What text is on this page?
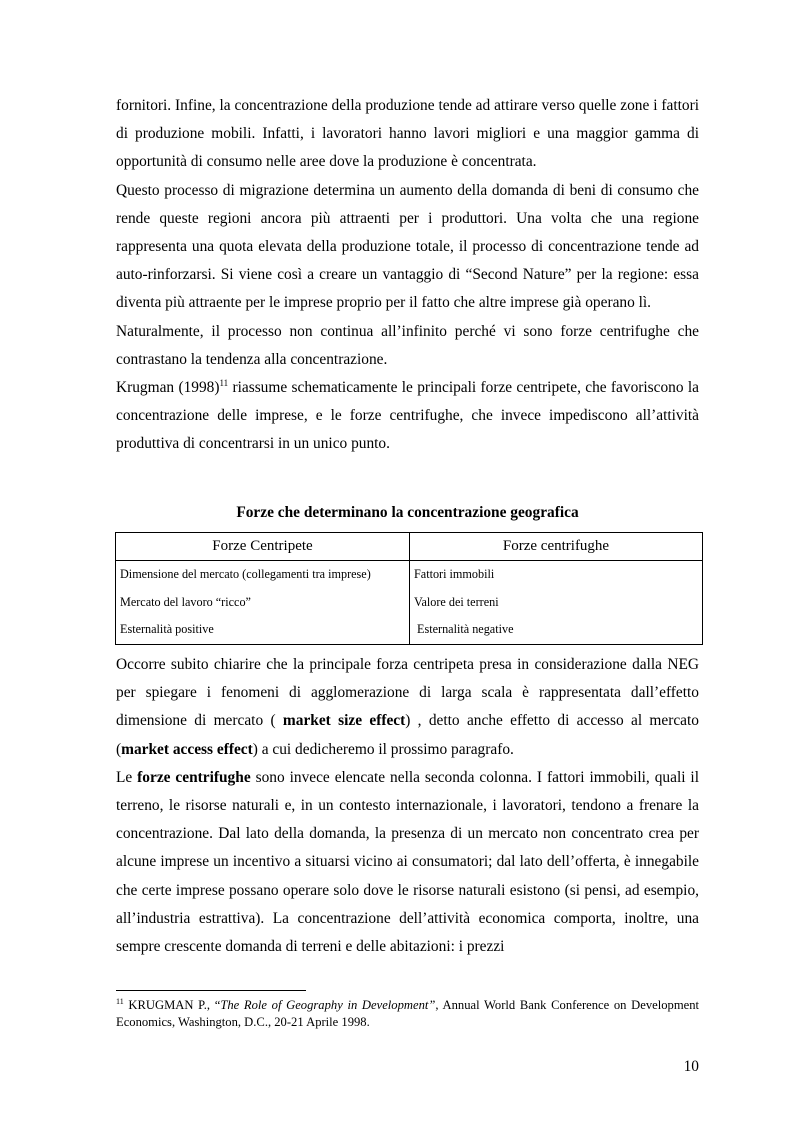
fornitori. Infine, la concentrazione della produzione tende ad attirare verso quelle zone i fattori di produzione mobili. Infatti, i lavoratori hanno lavori migliori e una maggior gamma di opportunità di consumo nelle aree dove la produzione è concentrata.

Questo processo di migrazione determina un aumento della domanda di beni di consumo che rende queste regioni ancora più attraenti per i produttori. Una volta che una regione rappresenta una quota elevata della produzione totale, il processo di concentrazione tende ad auto-rinforzarsi. Si viene così a creare un vantaggio di “Second Nature” per la regione: essa diventa più attraente per le imprese proprio per il fatto che altre imprese già operano lì.

Naturalmente, il processo non continua all’infinito perché vi sono forze centrifughe che contrastano la tendenza alla concentrazione.

Krugman $(1998)^{11}$ riassume schematicamente le principali forze centripete, che favoriscono la concentrazione delle imprese, e le forze centrifughe, che invece impediscono all’attività produttiva di concentrarsi in un unico punto.

Forze che determinano la concentrazione geografica
Forze Centripete	Forze centrifughe
Dimensione del mercato (collegamenti tra imprese)	Fattori immobili
Mercato del lavoro “ricco”	Valore dei terreni
Esternalità positive	Esternalità negative

Occorre subito chiarire che la principale forza centripeta presa in considerazione dalla NEG per spiegare i fenomeni di agglomerazione di larga scala è rappresentata dall’effetto dimensione di mercato ( market size effect) , detto anche effetto di accesso al mercato (market access effect) a cui dedicheremo il prossimo paragrafo.

Le forze centrifughe sono invece elencate nella seconda colonna. I fattori immobili, quali il terreno, le risorse naturali e, in un contesto internazionale, i lavoratori, tendono a frenare la concentrazione. Dal lato della domanda, la presenza di un mercato non concentrato crea per alcune imprese un incentivo a situarsi vicino ai consumatori; dal lato dell’offerta, è innegabile che certe imprese possano operare solo dove le risorse naturali esistono (si pensi, ad esempio, all’industria estrattiva). La concentrazione dell’attività economica comporta, inoltre, una sempre crescente domanda di terreni e delle abitazioni: i prezzi

$^{11}$ KRUGMAN P., “The Role of Geography in Development”, Annual World Bank Conference on Development Economics, Washington, D.C., 20-21 Aprile 1998.
10
